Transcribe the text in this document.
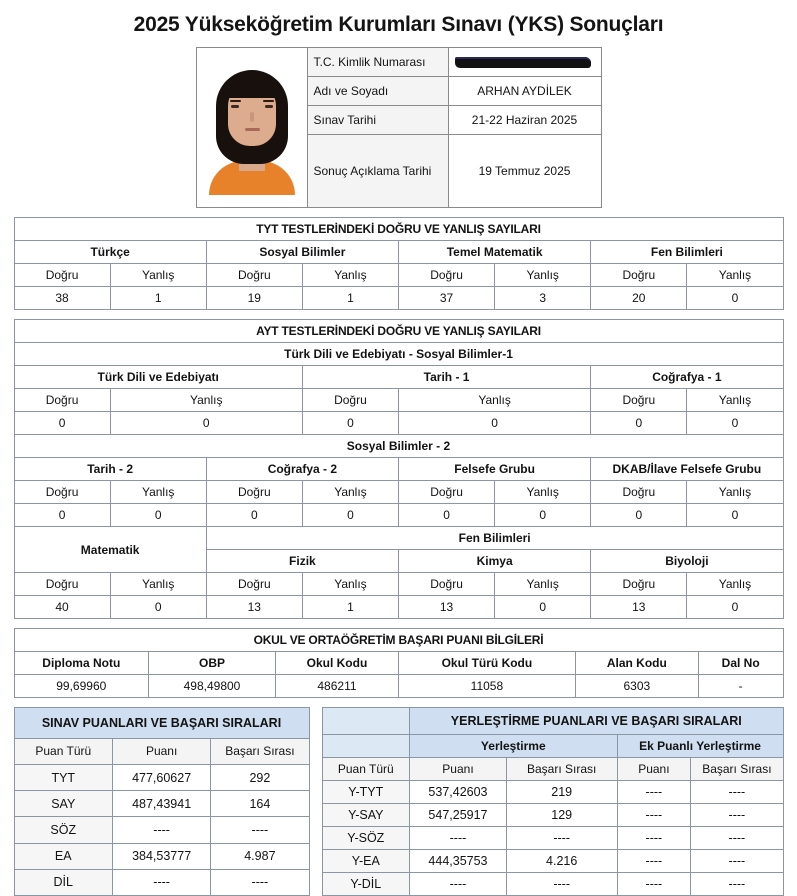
2025 Yükseköğretim Kurumları Sınavı (YKS) Sonuçları
	T.C. Kimlik Numarası	

	Adı ve Soyadı	ARHAN AYDİLEK
	Sınav Tarihi	21-22 Haziran 2025
	Sonuç Açıklama Tarihi	19 Temmuz 2025
TYT TESTLERİNDEKİ DOĞRU VE YANLIŞ SAYILARI							
Türkçe		Sosyal Bilimler		Temel Matematik		Fen Bilimleri	
Doğru	Yanlış	Doğru	Yanlış	Doğru	Yanlış	Doğru	Yanlış
38	1	19	1	37	3	20	0
AYT TESTLERİNDEKİ DOĞRU VE YANLIŞ SAYILARI							
Türk Dili ve Edebiyatı - Sosyal Bilimler-1							
Türk Dili ve Edebiyatı			Tarih - 1			Coğrafya - 1	
Doğru	Yanlış		Doğru	Yanlış		Doğru	Yanlış
0	0		0	0		0	0
Sosyal Bilimler - 2							
Tarih - 2		Coğrafya - 2		Felsefe Grubu		DKAB/İlave Felsefe Grubu	
Doğru	Yanlış	Doğru	Yanlış	Doğru	Yanlış	Doğru	Yanlış
0	0	0	0	0	0	0	0
Matematik		Fen Bilimleri					
		Fizik		Kimya		Biyoloji	
Doğru	Yanlış	Doğru	Yanlış	Doğru	Yanlış	Doğru	Yanlış
40	0	13	1	13	0	13	0
OKUL VE ORTAÖĞRETİM BAŞARI PUANI BİLGİLERİ					
Diploma Notu	OBP	Okul Kodu	Okul Türü Kodu	Alan Kodu	Dal No
99,69960	498,49800	486211	11058	6303	-
SINAV PUANLARI VE BAŞARI SIRALARI		
Puan Türü	Puanı	Başarı Sırası
TYT	477,60627	292
SAY	487,43941	164
SÖZ	----	----
EA	384,53777	4.987
DİL	----	----
	YERLEŞTİRME PUANLARI VE BAŞARI SIRALARI			
	Yerleştirme		Ek Puanlı Yerleştirme	
Puan Türü	Puanı	Başarı Sırası	Puanı	Başarı Sırası
Y-TYT	537,42603	219	----	----
Y-SAY	547,25917	129	----	----
Y-SÖZ	----	----	----	----
Y-EA	444,35753	4.216	----	----
Y-DİL	----	----	----	----
